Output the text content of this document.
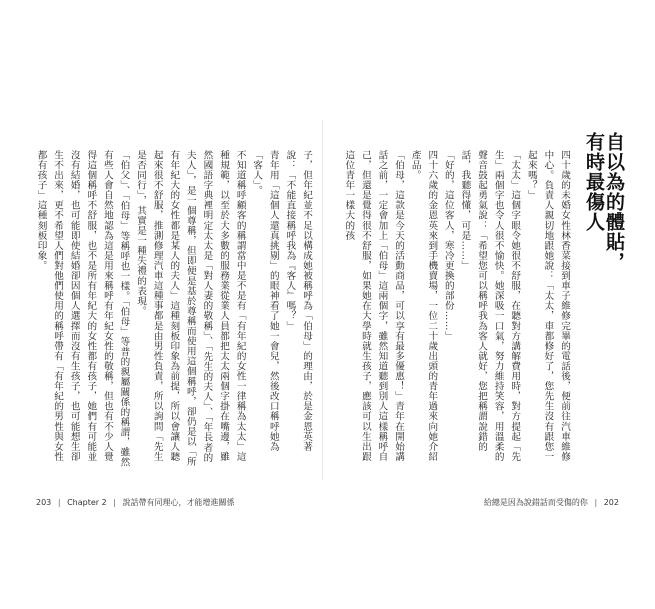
自以為的體貼，
有時最傷人
四十歲的未婚女性林香菜接到車子維修完畢的電話後，便前往汽車維修中心。負責人親切地跟她說：「太太，車都修好了，您先生沒有跟您一起來嗎？」
「太太」這個字眼令她很不舒服，在聽對方講解費用時，對方提起「先生」兩個字也令人很不愉快。她深吸一口氣，努力維持笑容，用溫柔的聲音鼓起勇氣說：「希望您可以稱呼我為客人就好，您把稱謂說錯的話，我聽得懂，可是……」
「好的，這位客人，寒冷更換的部份……」
四十六歲的金恩英來到手機賣場，一位二十歲出頭的青年過來向她介紹產品。
「伯母，這款是今天的活動商品，可以享有最多優惠！」青年在開始講話之前，一定會加上「伯母」這兩個字，雖然知道聽到別人這樣稱呼自己，但還是覺得很不舒服，如果她在大學時就生孩子，應該可以生出跟這位青年一樣大的孩
子，但年紀並不足以構成她被稱呼為「伯母」的理由，於是金恩英著說：「不能直接稱呼我為『客人』嗎？」
青年用「這個人還真挑剔」的眼神看了她一會兒，然後改口稱呼她為「客人」。
不知道稱呼顧客的稱謂當中是不是有「有年紀的女性一律稱為太太」這種規範，以至於大多數的服務業從業人員都把太太兩個字掛在嘴邊，雖然國語字典裡明定太太是「對人妻的敬稱」、「先生的夫人」、「年長者的夫人」，是一個尊稱，但即便是基於尊稱而使用這個稱呼，卻仍是以「所有年紀大的女性都是某人的夫人」這種刻板印象為前提，所以會讓人聽起來很不舒服，推測修理汽車這種事都是由男性負責，所以詢問「先生是否同行」，其實是一種失禮的表現。
「伯父」、「伯母」等稱呼也一樣。「伯母」等普的親屬關係的稱謂，雖然有些人會自然地認為這是用來稱呼有年紀女性的敬稱，但也有不少人覺得這個稱呼不舒服，也不是所有年紀大的女性都有孩子，她們有可能並沒有結婚，也可能即使結婚卻因個人選擇而沒有生孩子，也可能想生卻生不出來，更不希望人們對他們使用的稱呼帶有「有年紀的男性與女性都有孩子」這種刻板印象。
203 | Chapter 2 | 說話帶有同理心，才能增進關係	給總是因為說錯話而受傷的你 | 202
